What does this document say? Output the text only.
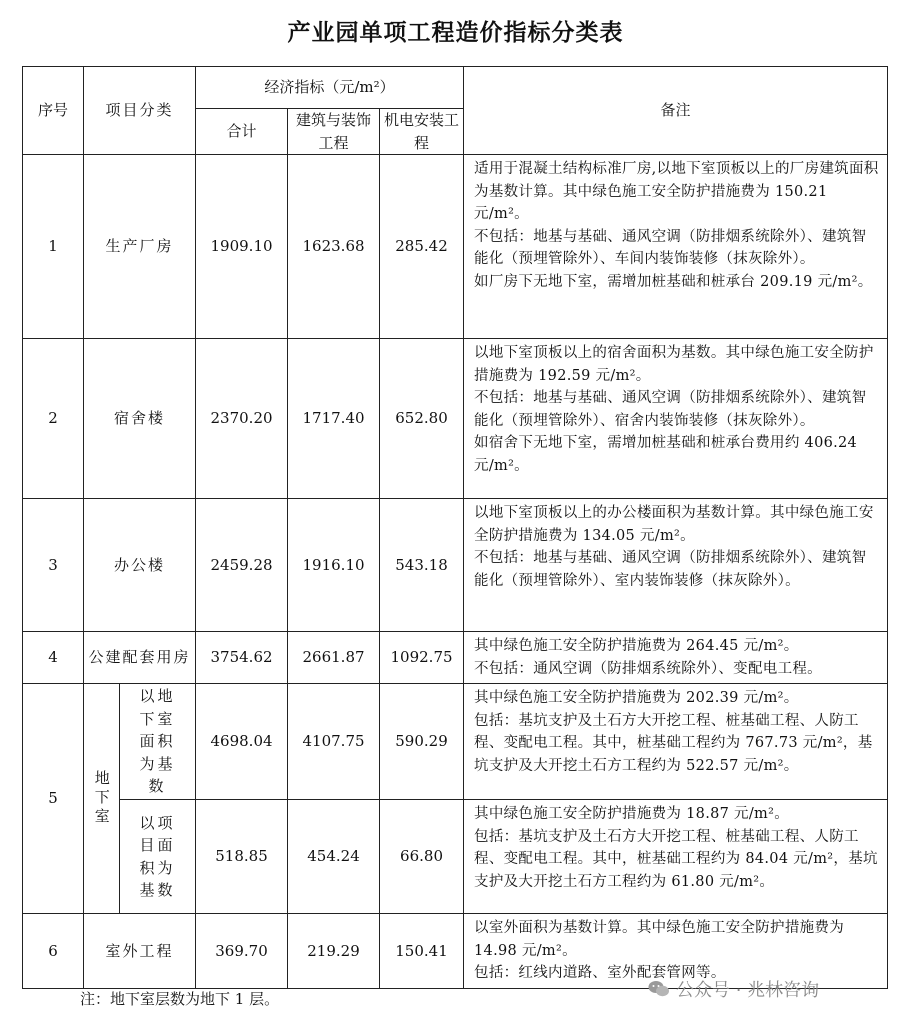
产业园单项工程造价指标分类表
序号	项目分类		经济指标（元/m²）			备注
			合计	建筑与装饰工程	机电安装工程	
1	生产厂房		1909.10	1623.68	285.42	适用于混凝土结构标准厂房,以地下室顶板以上的厂房建筑面积为基数计算。其中绿色施工安全防护措施费为 150.21 元/m²。
不包括：地基与基础、通风空调（防排烟系统除外）、建筑智能化（预埋管除外）、车间内装饰装修（抹灰除外）。
如厂房下无地下室，需增加桩基础和桩承台 209.19 元/m²。

2	宿舍楼		2370.20	1717.40	652.80	以地下室顶板以上的宿舍面积为基数。其中绿色施工安全防护措施费为 192.59 元/m²。
不包括：地基与基础、通风空调（防排烟系统除外）、建筑智能化（预埋管除外）、宿舍内装饰装修（抹灰除外）。
如宿舍下无地下室，需增加桩基础和桩承台费用约 406.24 元/m²。

3	办公楼		2459.28	1916.10	543.18	以地下室顶板以上的办公楼面积为基数计算。其中绿色施工安全防护措施费为 134.05 元/m²。
不包括：地基与基础、通风空调（防排烟系统除外）、建筑智能化（预埋管除外）、室内装饰装修（抹灰除外）。

4	公建配套用房		3754.62	2661.87	1092.75	其中绿色施工安全防护措施费为 264.45 元/m²。
不包括：通风空调（防排烟系统除外）、变配电工程。

5	地下室	以地下室面积为基数	4698.04	4107.75	590.29	其中绿色施工安全防护措施费为 202.39 元/m²。
包括：基坑支护及土石方大开挖工程、桩基础工程、人防工程、变配电工程。其中，桩基础工程约为 767.73 元/m²，基坑支护及大开挖土石方工程约为 522.57 元/m²。

		以项目面积为基数	518.85	454.24	66.80	其中绿色施工安全防护措施费为 18.87 元/m²。
包括：基坑支护及土石方大开挖工程、桩基础工程、人防工程、变配电工程。其中，桩基础工程约为 84.04 元/m²，基坑支护及大开挖土石方工程约为 61.80 元/m²。

6	室外工程		369.70	219.29	150.41	以室外面积为基数计算。其中绿色施工安全防护措施费为 14.98 元/m²。
包括：红线内道路、室外配套管网等。
注：地下室层数为地下 1 层。	公众号 · 兆林咨询
